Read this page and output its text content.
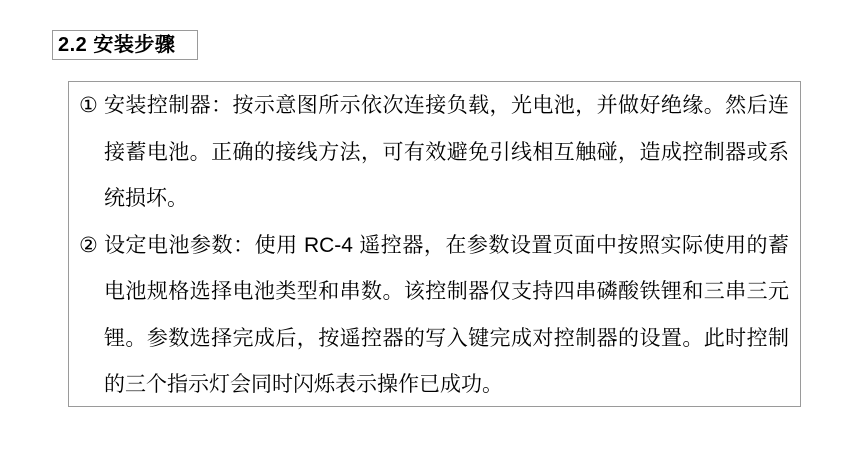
2.2 安装步骤
① 安装控制器：按示意图所示依次连接负载，光电池，并做好绝缘。然后连接蓄电池。正确的接线方法，可有效避免引线相互触碰，造成控制器或系统损坏。
② 设定电池参数：使用 RC-4 遥控器，在参数设置页面中按照实际使用的蓄电池规格选择电池类型和串数。该控制器仅支持四串磷酸铁锂和三串三元锂。参数选择完成后，按遥控器的写入键完成对控制器的设置。此时控制的三个指示灯会同时闪烁表示操作已成功。
